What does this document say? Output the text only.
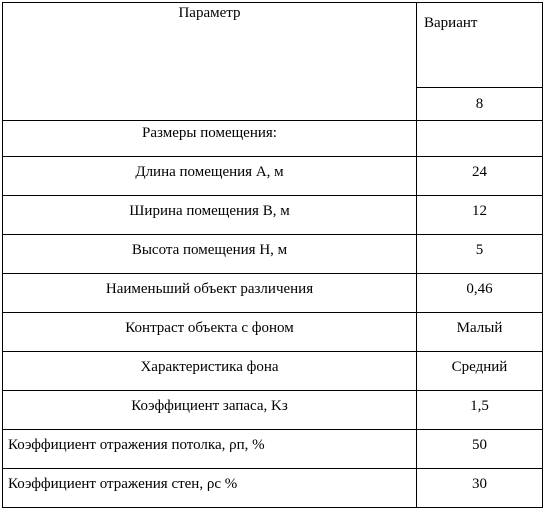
Параметр	Вариант
	8
Размеры помещения:	
Длина помещения А, м	24
Ширина помещения В, м	12
Высота помещения Н, м	5
Наименьший объект различения	0,46
Контраст объекта с фоном	Малый
Характеристика фона	Средний
Коэффициент запаса, Kз	1,5
Коэффициент отражения потолка, ρп, %	50
Коэффициент отражения стен, ρс %	30
